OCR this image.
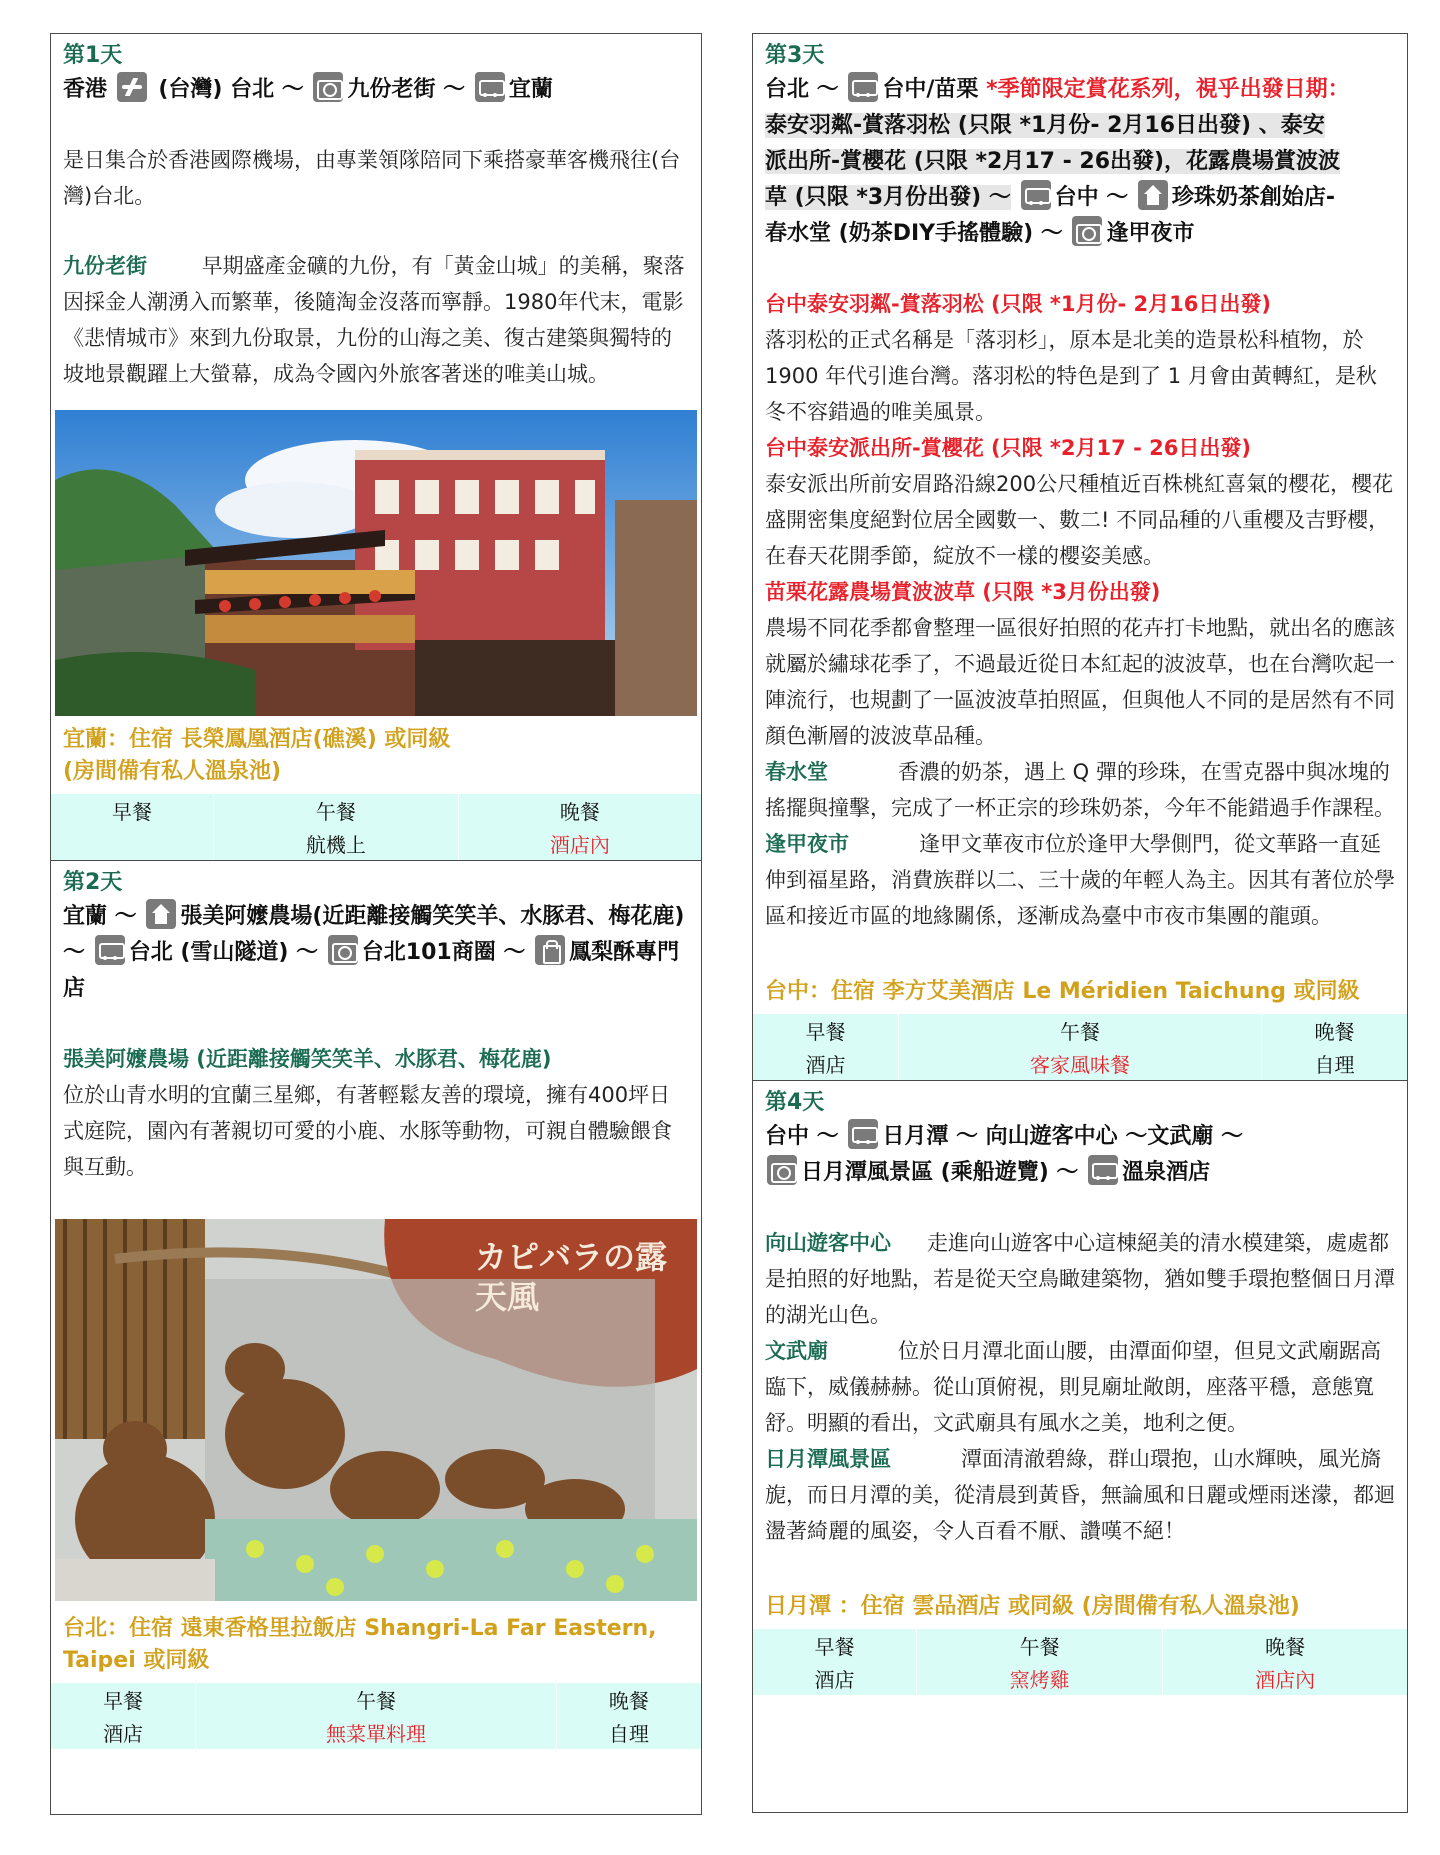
第1天
香港 (台灣) 台北 ～ 九份老街 ～ 宜蘭
是日集合於香港國際機場，由專業領隊陪同下乘搭豪華客機飛往(台灣)台北。
九份老街	早期盛產金礦的九份，有「黃金山城」的美稱，聚落因採金人潮湧入而繁華，後隨淘金沒落而寧靜。1980年代末，電影《悲情城市》來到九份取景，九份的山海之美、復古建築與獨特的坡地景觀躍上大螢幕，成為令國內外旅客著迷的唯美山城。
宜蘭：住宿 長榮鳳凰酒店(礁溪) 或同級
(房間備有私人溫泉池)
早餐	午餐	晚餐
	航機上	酒店內
第2天
宜蘭 ～ 張美阿嬤農場(近距離接觸笑笑羊、水豚君、梅花鹿)～ 台北 (雪山隧道) ～ 台北101商圈 ～ 鳳梨酥專門店
張美阿嬤農場 (近距離接觸笑笑羊、水豚君、梅花鹿)
位於山青水明的宜蘭三星鄉，有著輕鬆友善的環境，擁有400坪日式庭院，園內有著親切可愛的小鹿、水豚等動物，可親自體驗餵食與互動。
カピバラの露天風
台北：住宿 遠東香格里拉飯店 Shangri-La Far Eastern,
Taipei 或同級
早餐	午餐	晚餐
酒店	無菜單料理	自理
第3天
台北 ～ 台中/苗栗 *季節限定賞花系列，視乎出發日期：
泰安羽粼-賞落羽松 (只限 *1月份- 2月16日出發) 、泰安
派出所-賞櫻花 (只限 *2月17 - 26出發)，花露農場賞波波
草 (只限 *3月份出發) ～ 台中 ～ 珍珠奶茶創始店-
春水堂 (奶茶DIY手搖體驗) ～ 逢甲夜市
台中泰安羽粼-賞落羽松 (只限 *1月份- 2月16日出發)
落羽松的正式名稱是「落羽杉」，原本是北美的造景松科植物，於 1900 年代引進台灣。落羽松的特色是到了 1 月會由黃轉紅，是秋冬不容錯過的唯美風景。
台中泰安派出所-賞櫻花 (只限 *2月17 - 26日出發)
泰安派出所前安眉路沿線200公尺種植近百株桃紅喜氣的櫻花，櫻花盛開密集度絕對位居全國數一、數二! 不同品種的八重櫻及吉野櫻，在春天花開季節，綻放不一樣的櫻姿美感。
苗栗花露農場賞波波草 (只限 *3月份出發)
農場不同花季都會整理一區很好拍照的花卉打卡地點，就出名的應該就屬於繡球花季了，不過最近從日本紅起的波波草，也在台灣吹起一陣流行，也規劃了一區波波草拍照區，但與他人不同的是居然有不同顏色漸層的波波草品種。
春水堂	香濃的奶茶，遇上 Q 彈的珍珠，在雪克器中與冰塊的搖擺與撞擊，完成了一杯正宗的珍珠奶茶，今年不能錯過手作課程。
逢甲夜市	逢甲文華夜市位於逢甲大學側門，從文華路一直延伸到福星路，消費族群以二、三十歲的年輕人為主。因其有著位於學區和接近市區的地緣關係，逐漸成為臺中市夜市集團的龍頭。
台中：住宿 李方艾美酒店 Le Méridien Taichung 或同級
早餐	午餐	晚餐
酒店	客家風味餐	自理
第4天
台中 ～ 日月潭 ～ 向山遊客中心 ～文武廟 ～
日月潭風景區 (乘船遊覽) ～ 溫泉酒店
向山遊客中心 走進向山遊客中心這棟絕美的清水模建築，處處都是拍照的好地點，若是從天空鳥瞰建築物，猶如雙手環抱整個日月潭的湖光山色。
文武廟	位於日月潭北面山腰，由潭面仰望，但見文武廟踞高臨下，威儀赫赫。從山頂俯視，則見廟址敞朗，座落平穩，意態寬舒。明顯的看出，文武廟具有風水之美，地利之便。
日月潭風景區	潭面清澈碧綠，群山環抱，山水輝映，風光旖旎，而日月潭的美，從清晨到黃昏，無論風和日麗或煙雨迷濛，都迴盪著綺麗的風姿，令人百看不厭、讚嘆不絕！
日月潭 ：住宿 雲品酒店 或同級 (房間備有私人溫泉池)
早餐	午餐	晚餐
酒店	窯烤雞	酒店內
